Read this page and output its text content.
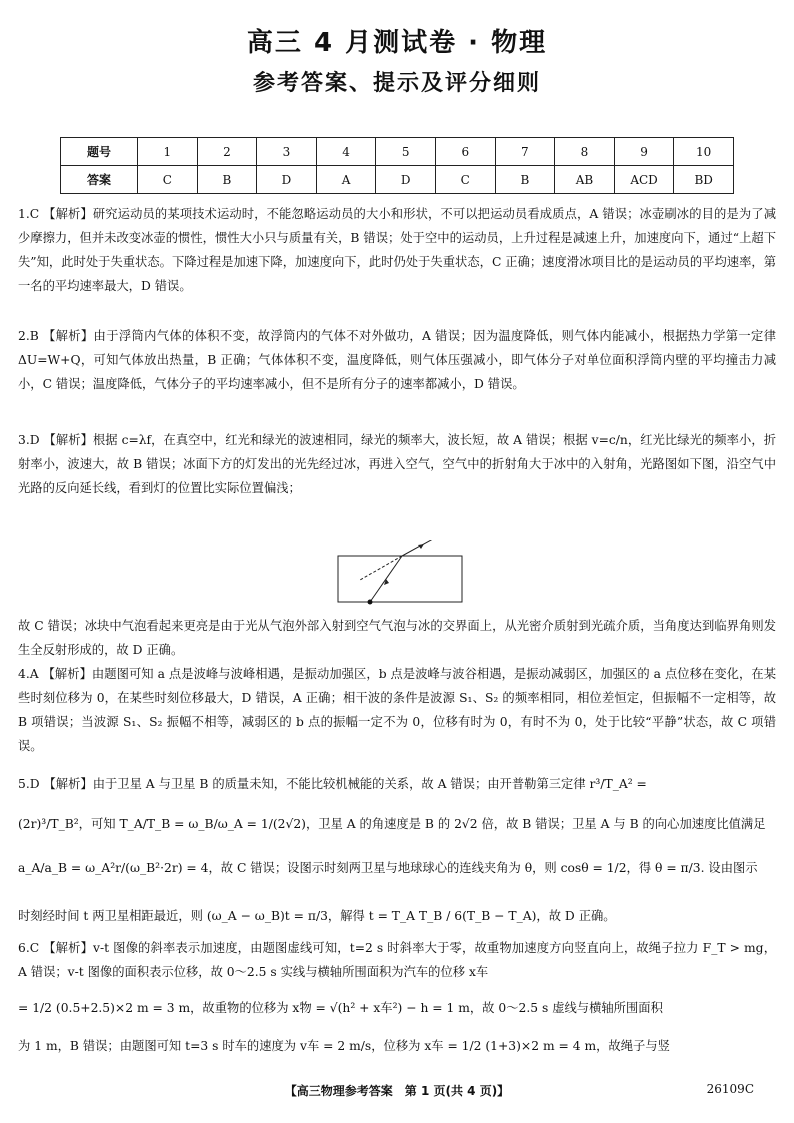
高三 4 月测试卷 · 物理
参考答案、提示及评分细则
题号	1	2	3	4	5	6	7	8	9	10
答案	C	B	D	A	D	C	B	AB	ACD	BD
1.C 【解析】研究运动员的某项技术运动时，不能忽略运动员的大小和形状，不可以把运动员看成质点，A 错误；冰壶刷冰的目的是为了减少摩擦力，但并未改变冰壶的惯性，惯性大小只与质量有关，B 错误；处于空中的运动员，上升过程是减速上升，加速度向下，通过“上超下失”知，此时处于失重状态。下降过程是加速下降，加速度向下，此时仍处于失重状态，C 正确；速度滑冰项目比的是运动员的平均速率，第一名的平均速率最大，D 错误。
2.B 【解析】由于浮筒内气体的体积不变，故浮筒内的气体不对外做功，A 错误；因为温度降低，则气体内能减小，根据热力学第一定律 ΔU=W+Q，可知气体放出热量，B 正确；气体体积不变，温度降低，则气体压强减小，即气体分子对单位面积浮筒内壁的平均撞击力减小，C 错误；温度降低，气体分子的平均速率减小，但不是所有分子的速率都减小，D 错误。
3.D 【解析】根据 c=λf，在真空中，红光和绿光的波速相同，绿光的频率大，波长短，故 A 错误；根据 v=c/n，红光比绿光的频率小，折射率小，波速大，故 B 错误；冰面下方的灯发出的光先经过冰，再进入空气，空气中的折射角大于冰中的入射角，光路图如下图，沿空气中光路的反向延长线，看到灯的位置比实际位置偏浅；
故 C 错误；冰块中气泡看起来更亮是由于光从气泡外部入射到空气气泡与冰的交界面上，从光密介质射到光疏介质，当角度达到临界角则发生全反射形成的，故 D 正确。
4.A 【解析】由题图可知 a 点是波峰与波峰相遇，是振动加强区，b 点是波峰与波谷相遇，是振动减弱区，加强区的 a 点位移在变化，在某些时刻位移为 0，在某些时刻位移最大，D 错误，A 正确；相干波的条件是波源 S₁、S₂ 的频率相同，相位差恒定，但振幅不一定相等，故 B 项错误；当波源 S₁、S₂ 振幅不相等，减弱区的 b 点的振幅一定不为 0，位移有时为 0，有时不为 0，处于比较“平静”状态，故 C 项错误。
5.D 【解析】由于卫星 A 与卫星 B 的质量未知，不能比较机械能的关系，故 A 错误；由开普勒第三定律 r³/T_A² =
(2r)³/T_B²，可知 T_A/T_B = ω_B/ω_A = 1/(2√2)，卫星 A 的角速度是 B 的 2√2 倍，故 B 错误；卫星 A 与 B 的向心加速度比值满足
a_A/a_B = ω_A²r/(ω_B²·2r) = 4，故 C 错误；设图示时刻两卫星与地球球心的连线夹角为 θ，则 cosθ = 1/2，得 θ = π/3. 设由图示
时刻经时间 t 两卫星相距最近，则 (ω_A − ω_B)t = π/3，解得 t = T_A T_B / 6(T_B − T_A)，故 D 正确。
6.C 【解析】v-t 图像的斜率表示加速度，由题图虚线可知，t=2 s 时斜率大于零，故重物加速度方向竖直向上，故绳子拉力 F_T > mg，A 错误；v-t 图像的面积表示位移，故 0～2.5 s 实线与横轴所围面积为汽车的位移 x车
= 1/2 (0.5+2.5)×2 m = 3 m，故重物的位移为 x物 = √(h² + x车²) − h = 1 m，故 0～2.5 s 虚线与横轴所围面积
为 1 m，B 错误；由题图可知 t=3 s 时车的速度为 v车 = 2 m/s，位移为 x车 = 1/2 (1+3)×2 m = 4 m，故绳子与竖
【高三物理参考答案　第 1 页(共 4 页)】	26109C
